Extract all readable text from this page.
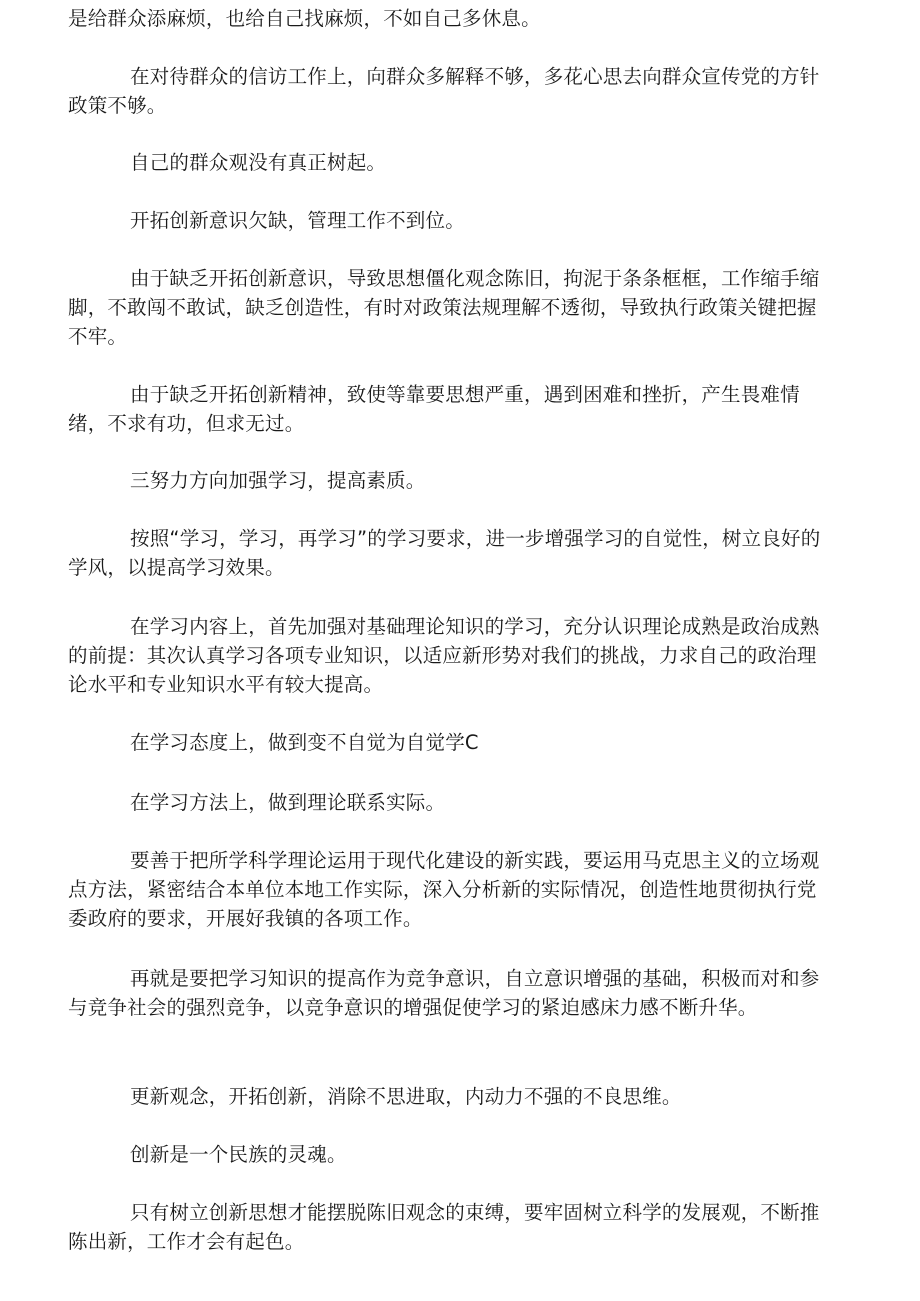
是给群众添麻烦，也给自己找麻烦，不如自己多休息。

在对待群众的信访工作上，向群众多解释不够，多花心思去向群众宣传党的方针政策不够。

自己的群众观没有真正树起。

开拓创新意识欠缺，管理工作不到位。

由于缺乏开拓创新意识，导致思想僵化观念陈旧，拘泥于条条框框，工作缩手缩脚，不敢闯不敢试，缺乏创造性，有时对政策法规理解不透彻，导致执行政策关键把握不牢。

由于缺乏开拓创新精神，致使等靠要思想严重，遇到困难和挫折，产生畏难情绪，不求有功，但求无过。

三努力方向加强学习，提高素质。

按照“学习，学习，再学习”的学习要求，进一步增强学习的自觉性，树立良好的学风，以提高学习效果。

在学习内容上，首先加强对基础理论知识的学习，充分认识理论成熟是政治成熟的前提：其次认真学习各项专业知识，以适应新形势对我们的挑战，力求自己的政治理论水平和专业知识水平有较大提高。

在学习态度上，做到变不自觉为自觉学C

在学习方法上，做到理论联系实际。

要善于把所学科学理论运用于现代化建设的新实践，要运用马克思主义的立场观点方法，紧密结合本单位本地工作实际，深入分析新的实际情况，创造性地贯彻执行党委政府的要求，开展好我镇的各项工作。

再就是要把学习知识的提高作为竞争意识，自立意识增强的基础，积极而对和参与竞争社会的强烈竞争，以竞争意识的增强促使学习的紧迫感床力感不断升华。

更新观念，开拓创新，消除不思进取，内动力不强的不良思维。

创新是一个民族的灵魂。

只有树立创新思想才能摆脱陈旧观念的束缚，要牢固树立科学的发展观，不断推陈出新，工作才会有起色。
